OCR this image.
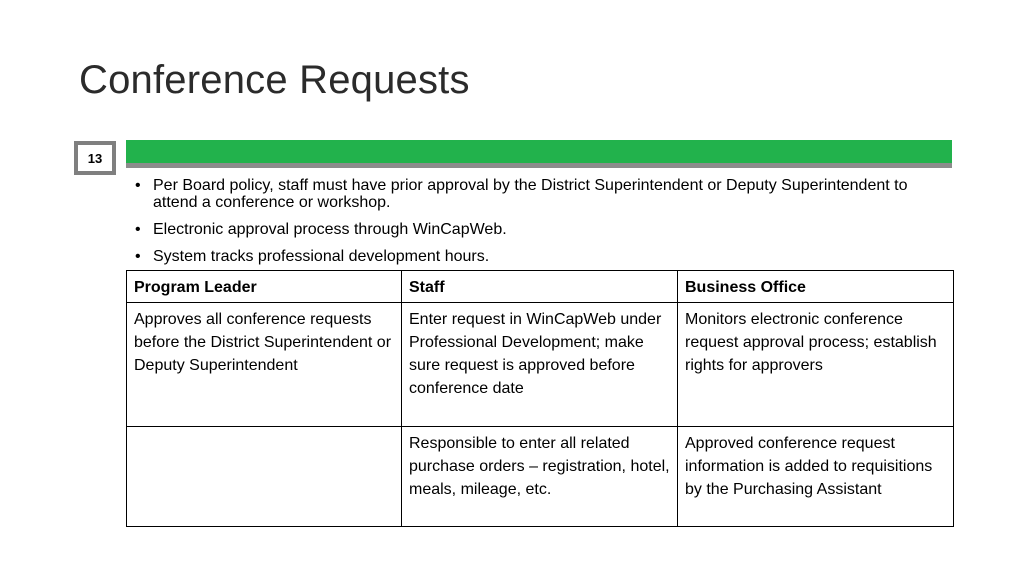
Conference Requests
13
• Per Board policy, staff must have prior approval by the District Superintendent or Deputy Superintendent to attend a conference or workshop.
• Electronic approval process through WinCapWeb.
• System tracks professional development hours.
Program Leader	Staff	Business Office
Approves all conference requests before the District Superintendent or Deputy Superintendent	Enter request in WinCapWeb under Professional Development; make sure request is approved before conference date	Monitors electronic conference request approval process; establish rights for approvers
	Responsible to enter all related purchase orders – registration, hotel, meals, mileage, etc.	Approved conference request information is added to requisitions by the Purchasing Assistant
